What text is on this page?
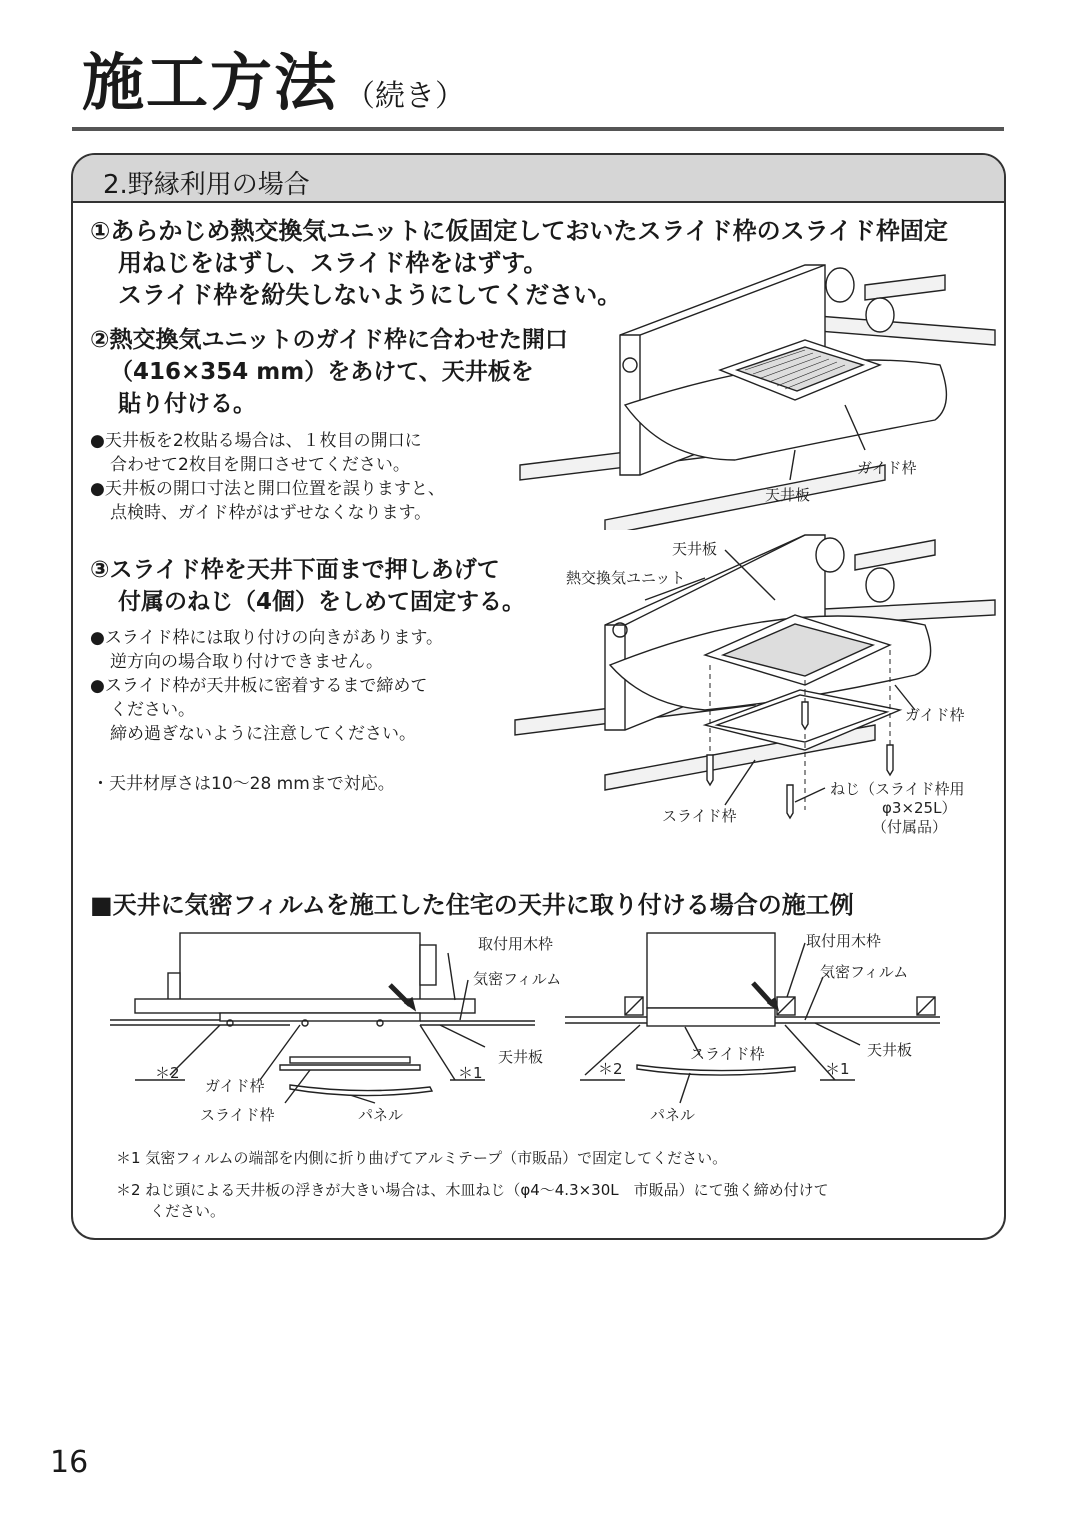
施工方法 （続き）
2.野縁利用の場合
①あらかじめ熱交換気ユニットに仮固定しておいたスライド枠のスライド枠固定
用ねじをはずし、スライド枠をはずす。
スライド枠を紛失しないようにしてください。
②熱交換気ユニットのガイド枠に合わせた開口
（416×354 mm）をあけて、天井板を
貼り付ける。
●天井板を2枚貼る場合は、１枚目の開口に
合わせて2枚目を開口させてください。
●天井板の開口寸法と開口位置を誤りますと、
点検時、ガイド枠がはずせなくなります。
③スライド枠を天井下面まで押しあげて
付属のねじ（4個）をしめて固定する。
●スライド枠には取り付けの向きがあります。
逆方向の場合取り付けできません。
●スライド枠が天井板に密着するまで締めて
ください。
締め過ぎないように注意してください。
・天井材厚さは10～28 mmまで対応。
ガイド枠
天井板
天井板
熱交換気ユニット
ガイド枠
スライド枠
ねじ（スライド枠用
φ3×25L）
（付属品）
■天井に気密フィルムを施工した住宅の天井に取り付ける場合の施工例
取付用木枠
気密フィルム
天井板
＊2	＊1
ガイド枠
スライド枠	パネル
取付用木枠
気密フィルム
天井板
スライド枠
＊2	＊1
パネル
＊1 気密フィルムの端部を内側に折り曲げてアルミテープ（市販品）で固定してください。
＊2 ねじ頭による天井板の浮きが大きい場合は、木皿ねじ（φ4～4.3×30L　市販品）にて強く締め付けて
ください。
16
